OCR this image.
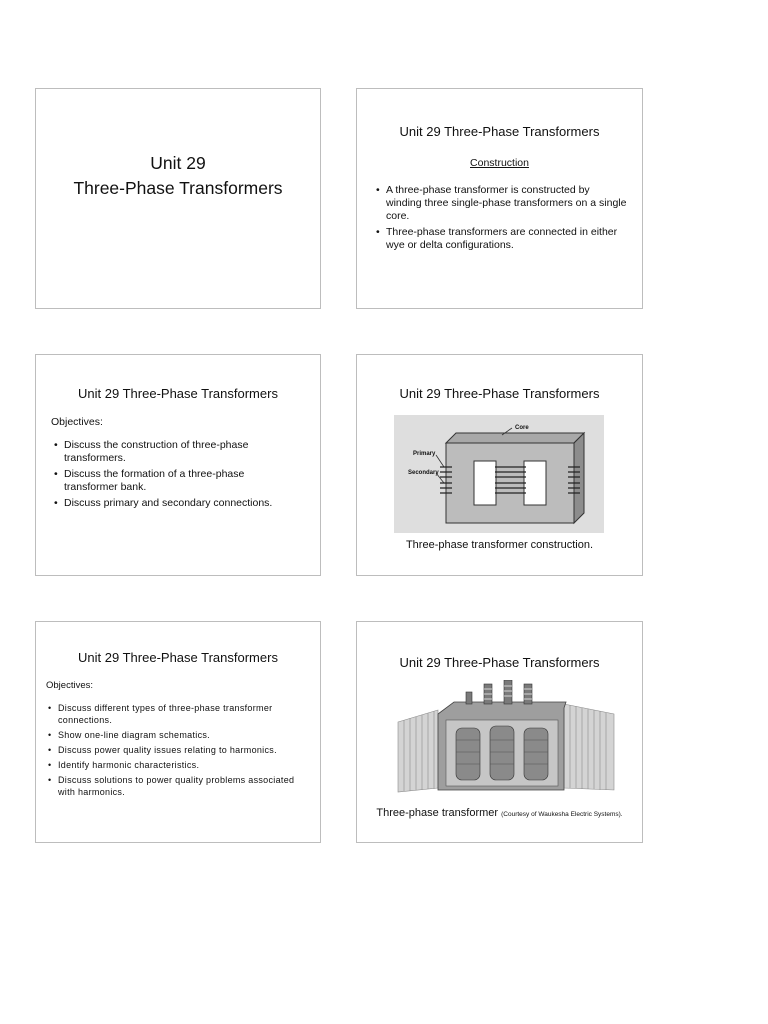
Unit 29
Three-Phase Transformers
Unit 29 Three-Phase Transformers
Construction
• A three-phase transformer is constructed by winding three single-phase transformers on a single core.
• Three-phase transformers are connected in either wye or delta configurations.
Unit 29 Three-Phase Transformers
Objectives:
• Discuss the construction of three-phase transformers.
• Discuss the formation of a three-phase transformer bank.
• Discuss primary and secondary connections.
Unit 29 Three-Phase Transformers
Core
Primary
Secondary
Three-phase transformer construction.
Unit 29 Three-Phase Transformers
Objectives:
• Discuss different types of three-phase transformer connections.
• Show one-line diagram schematics.
• Discuss power quality issues relating to harmonics.
• Identify harmonic characteristics.
• Discuss solutions to power quality problems associated with harmonics.
Unit 29 Three-Phase Transformers
Three-phase transformer (Courtesy of Waukesha Electric Systems).
